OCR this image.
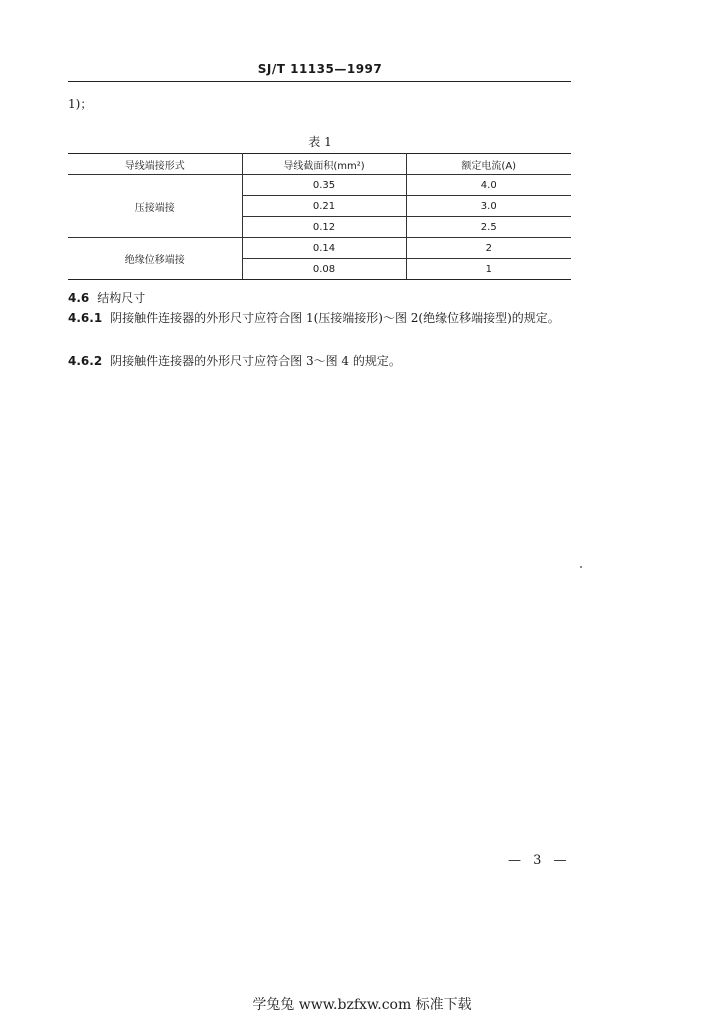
SJ/T 11135—1997
1)；
表 1
导线端接形式	导线截面积(mm²)	额定电流(A)
压接端接	0.35	4.0
	0.21	3.0
	0.12	2.5
绝缘位移端接	0.14	2
	0.08	1
4.6 结构尺寸
4.6.1 阴接触件连接器的外形尺寸应符合图 1(压接端接形)～图 2(绝缘位移端接型)的规定。
4.6.2 阴接触件连接器的外形尺寸应符合图 3～图 4 的规定。
— 3 —
学兔兔 www.bzfxw.com 标准下载
